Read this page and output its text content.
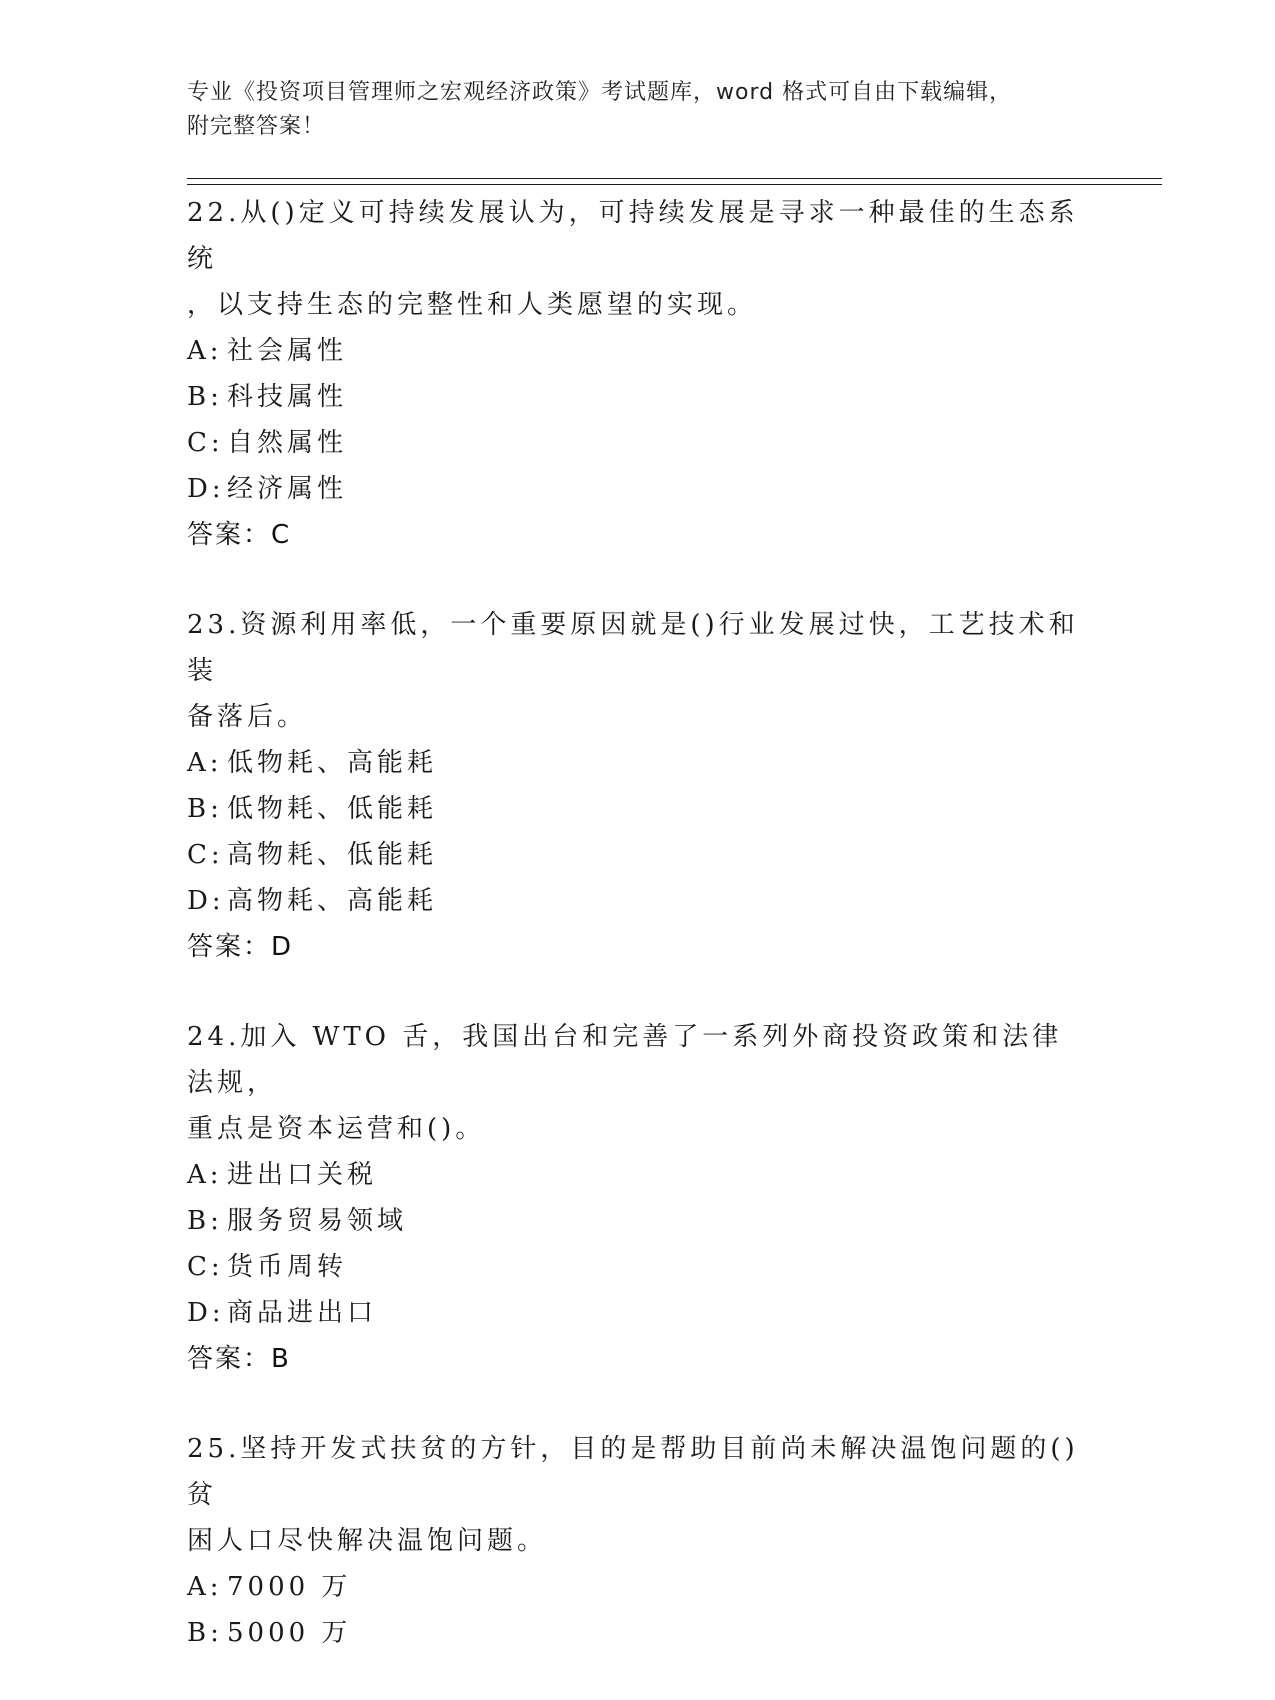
专业《投资项目管理师之宏观经济政策》考试题库，word 格式可自由下载编辑，
附完整答案！

22.从()定义可持续发展认为，可持续发展是寻求一种最佳的生态系统

，以支持生态的完整性和人类愿望的实现。

A: 社会属性
B: 科技属性
C: 自然属性
D: 经济属性

答案：C

23.资源利用率低，一个重要原因就是()行业发展过快，工艺技术和装

备落后。

A: 低物耗、高能耗
B: 低物耗、低能耗
C: 高物耗、低能耗
D: 高物耗、高能耗

答案：D

24.加入 WTO 舌，我国出台和完善了一系列外商投资政策和法律法规，

重点是资本运营和()。

A: 进出口关税
B: 服务贸易领域
C: 货币周转
D: 商品进出口

答案：B

25.坚持开发式扶贫的方针，目的是帮助目前尚未解决温饱问题的()贫

困人口尽快解决温饱问题。

A: 7000 万
B: 5000 万
